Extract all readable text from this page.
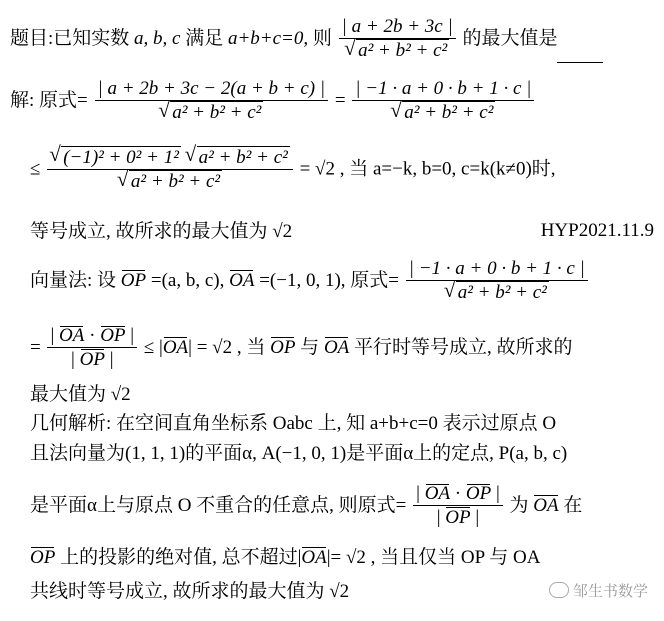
题目:已知实数 a, b, c 满足 a+b+c=0, 则 | a + 2b + 3c |
√ a² + b² + c² 的最大值是
解: 原式= | a + 2b + 3c − 2(a + b + c) |
√ a² + b² + c² = | −1 · a + 0 · b + 1 · c |
√ a² + b² + c²
≤ √ (−1)² + 0² + 1² √ a² + b² + c²
√ a² + b² + c² = √2 , 当 a=−k, b=0, c=k(k≠0)时,
等号成立, 故所求的最大值为 √2	HYP2021.11.9
向量法: 设 OP =(a, b, c), OA =(−1, 0, 1), 原式= | −1 · a + 0 · b + 1 · c |
√ a² + b² + c²
= $\frac{| OA \cdot OP |}{| OP |} \le |OA| = √2$ , 当 OP 与 OA 平行时等号成立, 故所求的
最大值为 √2
几何解析: 在空间直角坐标系 Oabc 上, 知 a+b+c=0 表示过原点 O
且法向量为(1, 1, 1)的平面α, A(−1, 0, 1)是平面α上的定点, P(a, b, c)
是平面α上与原点 O 不重合的任意点, 则原式= $\frac{| OA \cdot OP |}{| OP |}$ 为 OA 在
OP 上的投影的绝对值, 总不超过|OA|= √2 , 当且仅当 OP 与 OA
共线时等号成立, 故所求的最大值为 √2	邹生书数学
